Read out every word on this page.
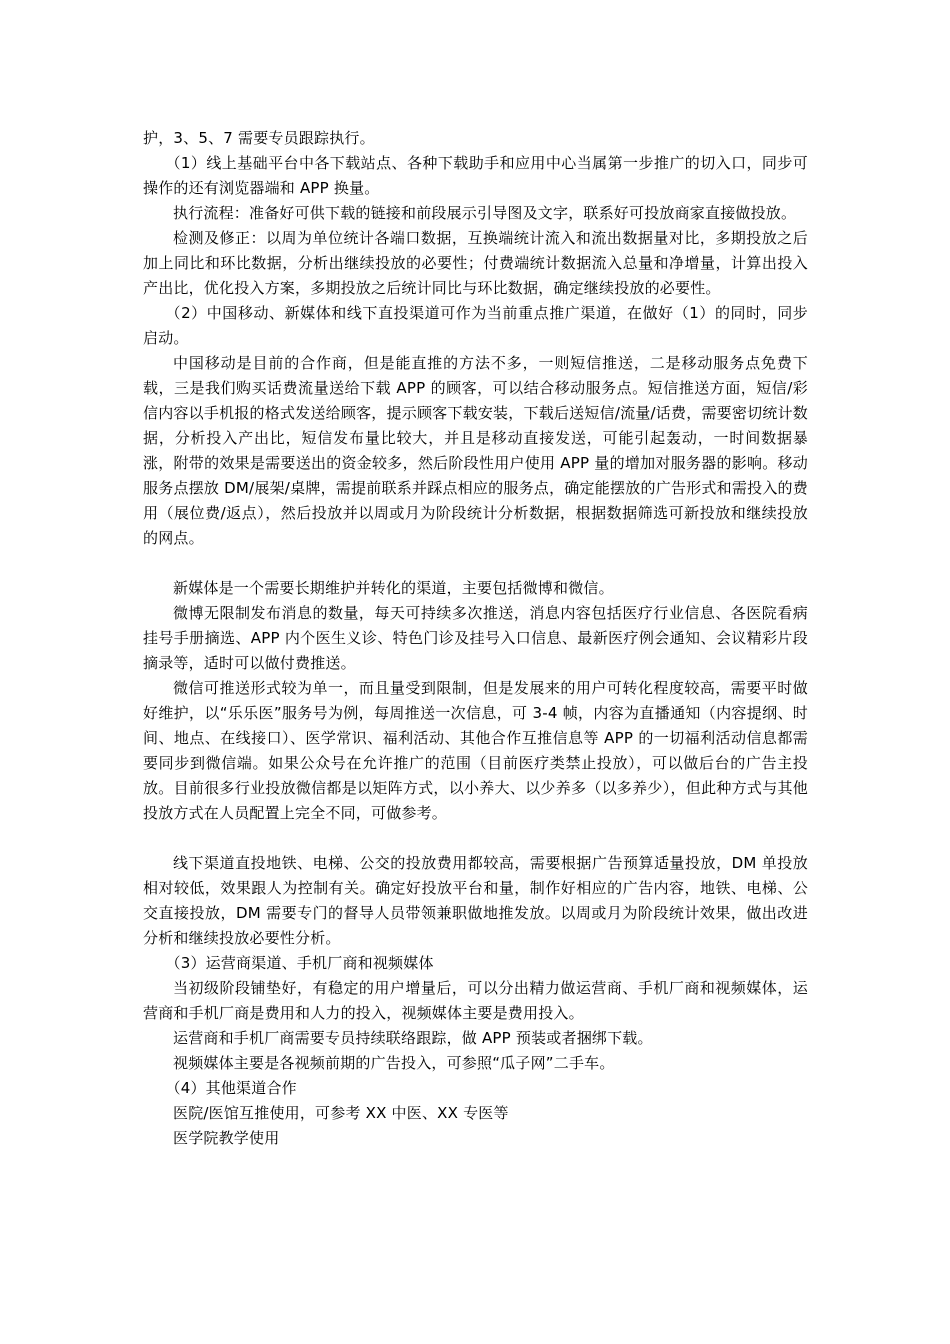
护，3、5、7 需要专员跟踪执行。

（1）线上基础平台中各下载站点、各种下载助手和应用中心当属第一步推广的切入口，同步可操作的还有浏览器端和 APP 换量。

执行流程：准备好可供下载的链接和前段展示引导图及文字，联系好可投放商家直接做投放。

检测及修正：以周为单位统计各端口数据，互换端统计流入和流出数据量对比，多期投放之后加上同比和环比数据，分析出继续投放的必要性；付费端统计数据流入总量和净增量，计算出投入产出比，优化投入方案，多期投放之后统计同比与环比数据，确定继续投放的必要性。

（2）中国移动、新媒体和线下直投渠道可作为当前重点推广渠道，在做好（1）的同时，同步启动。

中国移动是目前的合作商，但是能直推的方法不多，一则短信推送，二是移动服务点免费下载，三是我们购买话费流量送给下载 APP 的顾客，可以结合移动服务点。短信推送方面，短信/彩信内容以手机报的格式发送给顾客，提示顾客下载安装，下载后送短信/流量/话费，需要密切统计数据，分析投入产出比，短信发布量比较大，并且是移动直接发送，可能引起轰动，一时间数据暴涨，附带的效果是需要送出的资金较多，然后阶段性用户使用 APP 量的增加对服务器的影响。移动服务点摆放 DM/展架/桌牌，需提前联系并踩点相应的服务点，确定能摆放的广告形式和需投入的费用（展位费/返点），然后投放并以周或月为阶段统计分析数据，根据数据筛选可新投放和继续投放的网点。

新媒体是一个需要长期维护并转化的渠道，主要包括微博和微信。

微博无限制发布消息的数量，每天可持续多次推送，消息内容包括医疗行业信息、各医院看病挂号手册摘选、APP 内个医生义诊、特色门诊及挂号入口信息、最新医疗例会通知、会议精彩片段摘录等，适时可以做付费推送。

微信可推送形式较为单一，而且量受到限制，但是发展来的用户可转化程度较高，需要平时做好维护，以“乐乐医”服务号为例，每周推送一次信息，可 3-4 帧，内容为直播通知（内容提纲、时间、地点、在线接口）、医学常识、福利活动、其他合作互推信息等 APP 的一切福利活动信息都需要同步到微信端。如果公众号在允许推广的范围（目前医疗类禁止投放），可以做后台的广告主投放。目前很多行业投放微信都是以矩阵方式，以小养大、以少养多（以多养少），但此种方式与其他投放方式在人员配置上完全不同，可做参考。

线下渠道直投地铁、电梯、公交的投放费用都较高，需要根据广告预算适量投放，DM 单投放相对较低，效果跟人为控制有关。确定好投放平台和量，制作好相应的广告内容，地铁、电梯、公交直接投放，DM 需要专门的督导人员带领兼职做地推发放。以周或月为阶段统计效果，做出改进分析和继续投放必要性分析。

（3）运营商渠道、手机厂商和视频媒体

当初级阶段铺垫好，有稳定的用户增量后，可以分出精力做运营商、手机厂商和视频媒体，运营商和手机厂商是费用和人力的投入，视频媒体主要是费用投入。

运营商和手机厂商需要专员持续联络跟踪，做 APP 预装或者捆绑下载。

视频媒体主要是各视频前期的广告投入，可参照“瓜子网”二手车。

（4）其他渠道合作

医院/医馆互推使用，可参考 XX 中医、XX 专医等

医学院教学使用
